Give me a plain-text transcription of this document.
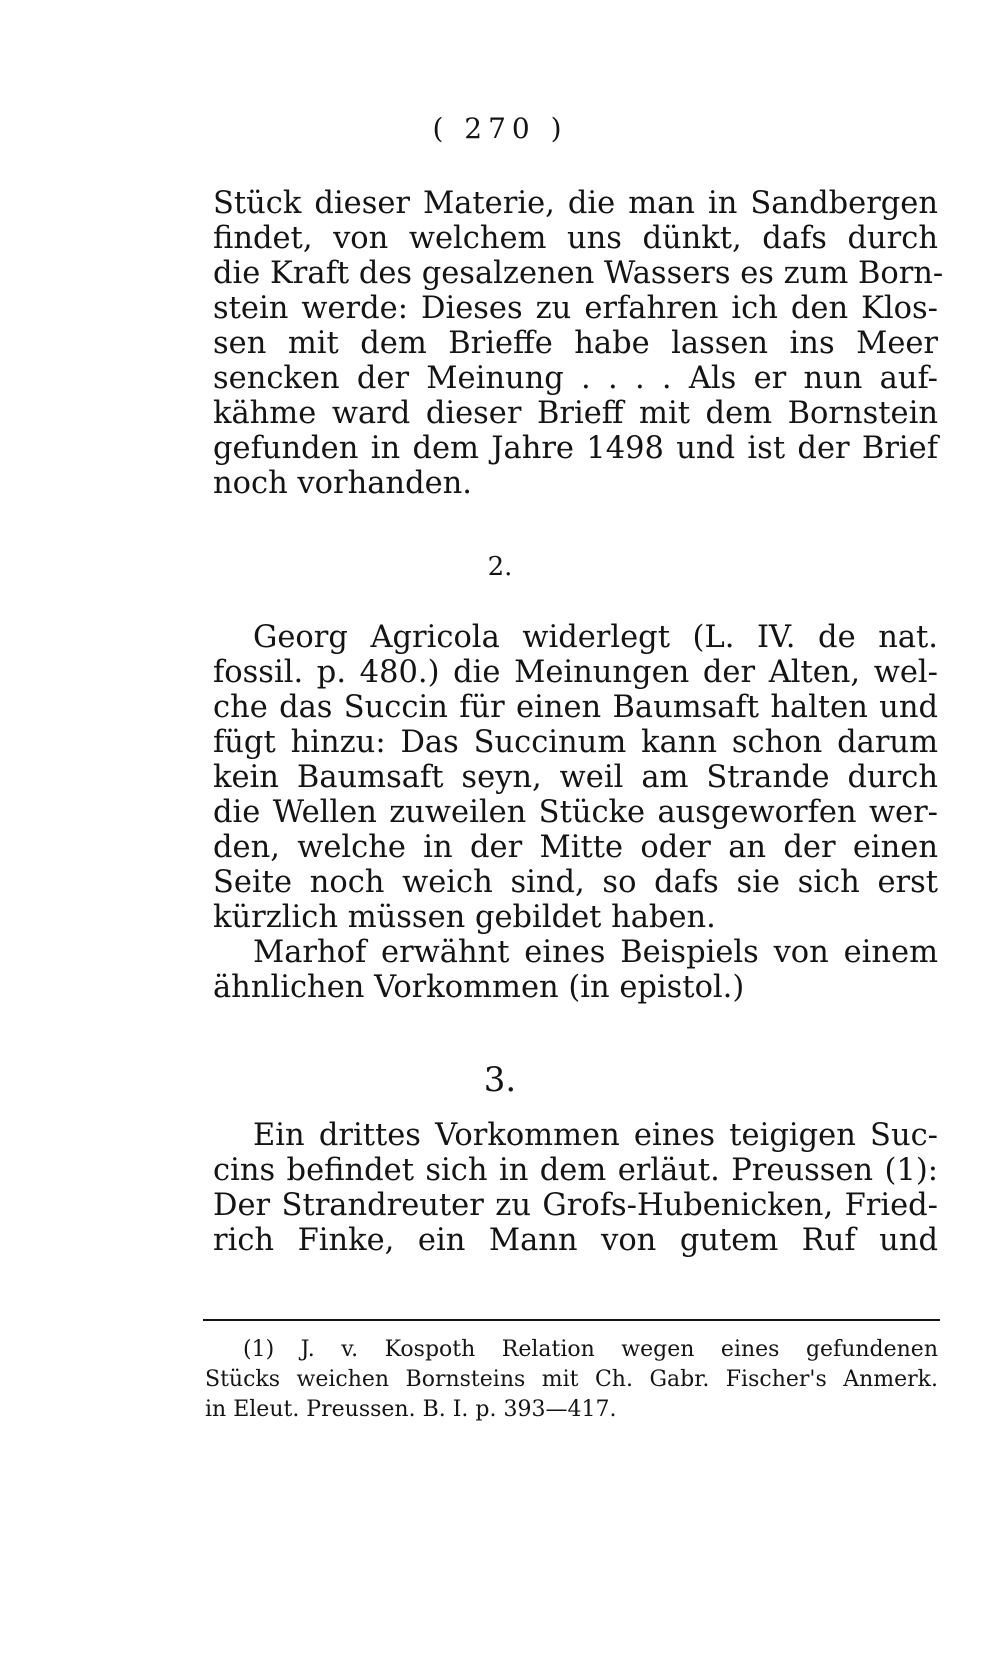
( 270 )
Stück dieser Materie, die man in Sandbergen
findet, von welchem uns dünkt, dafs durch
die Kraft des gesalzenen Wassers es zum Born-
stein werde: Dieses zu erfahren ich den Klos-
sen mit dem Brieffe habe lassen ins Meer
sencken der Meinung . . . . Als er nun auf-
kähme ward dieser Brieff mit dem Bornstein
gefunden in dem Jahre 1498 und ist der Brief
noch vorhanden.
2.
Georg Agricola widerlegt (L. IV. de nat.
fossil. p. 480.) die Meinungen der Alten, wel-
che das Succin für einen Baumsaft halten und
fügt hinzu: Das Succinum kann schon darum
kein Baumsaft seyn, weil am Strande durch
die Wellen zuweilen Stücke ausgeworfen wer-
den, welche in der Mitte oder an der einen
Seite noch weich sind, so dafs sie sich erst
kürzlich müssen gebildet haben.
Marhof erwähnt eines Beispiels von einem
ähnlichen Vorkommen (in epistol.)
3.
Ein drittes Vorkommen eines teigigen Suc-
cins befindet sich in dem erläut. Preussen (1):
Der Strandreuter zu Grofs-Hubenicken, Fried-
rich Finke, ein Mann von gutem Ruf und
(1) J. v. Kospoth Relation wegen eines gefundenen
Stücks weichen Bornsteins mit Ch. Gabr. Fischer's Anmerk.
in Eleut. Preussen. B. I. p. 393—417.
